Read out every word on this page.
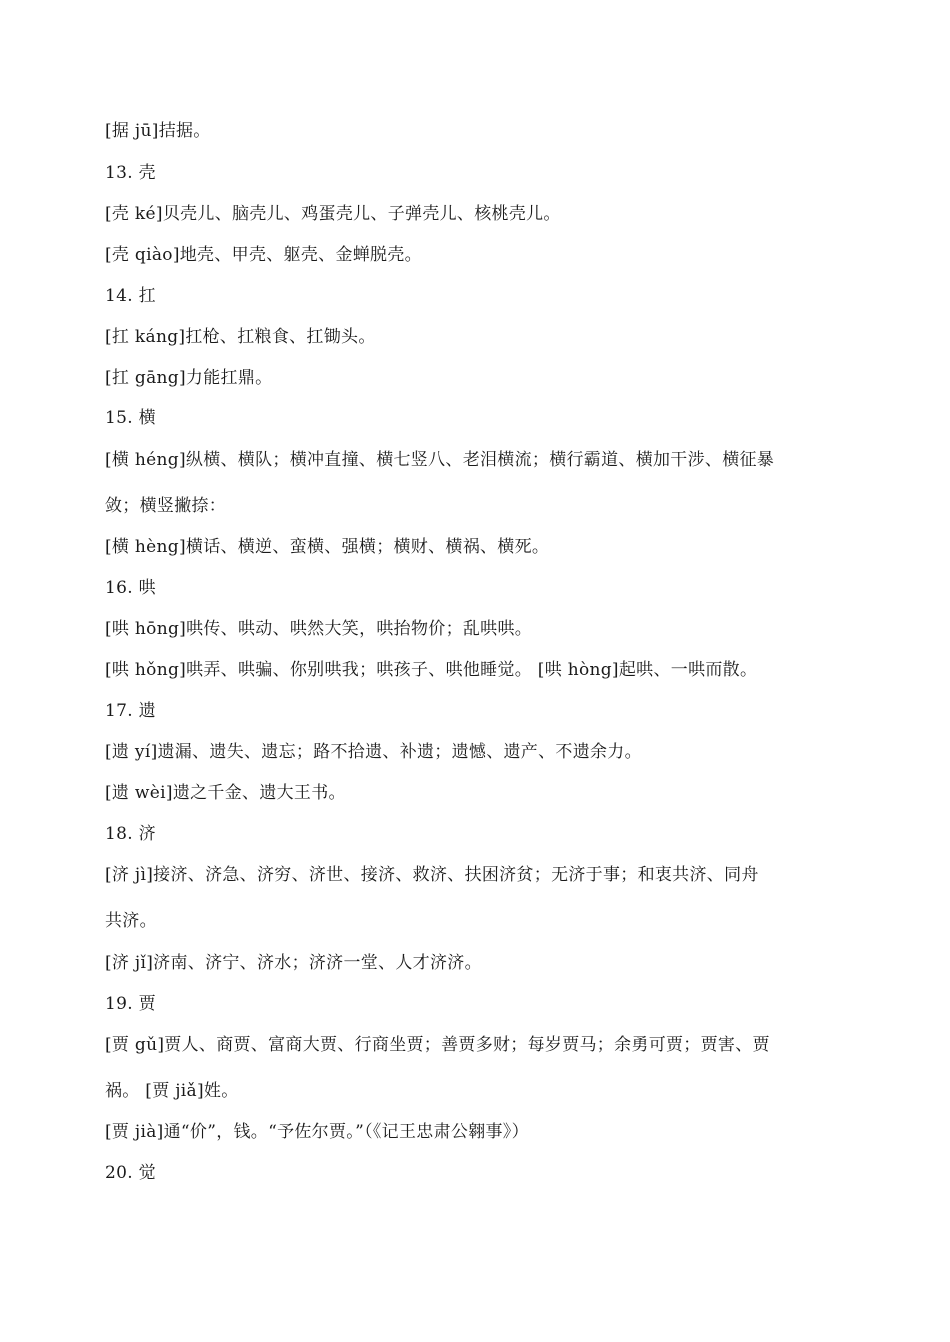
[据 jū]拮据。
13. 壳
[壳 ké]贝壳儿、脑壳儿、鸡蛋壳儿、子弹壳儿、核桃壳儿。
[壳 qiào]地壳、甲壳、躯壳、金蝉脱壳。
14. 扛
[扛 káng]扛枪、扛粮食、扛锄头。
[扛 gāng]力能扛鼎。
15. 横
[横 héng]纵横、横队；横冲直撞、横七竖八、老泪横流；横行霸道、横加干涉、横征暴
敛；横竖撇捺：
[横 hèng]横话、横逆、蛮横、强横；横财、横祸、横死。
16. 哄
[哄 hōng]哄传、哄动、哄然大笑，哄抬物价；乱哄哄。
[哄 hǒng]哄弄、哄骗、你别哄我；哄孩子、哄他睡觉。 [哄 hòng]起哄、一哄而散。
17. 遗
[遗 yí]遗漏、遗失、遗忘；路不拾遗、补遗；遗憾、遗产、不遗余力。
[遗 wèi]遗之千金、遗大王书。
18. 济
[济 jì]接济、济急、济穷、济世、接济、救济、扶困济贫；无济于事；和衷共济、同舟
共济。
[济 jǐ]济南、济宁、济水；济济一堂、人才济济。
19. 贾
[贾 gǔ]贾人、商贾、富商大贾、行商坐贾；善贾多财；每岁贾马；余勇可贾；贾害、贾
祸。 [贾 jiǎ]姓。
[贾 jià]通“价”，钱。“予佐尔贾。”（《记王忠肃公翱事》）
20. 觉
